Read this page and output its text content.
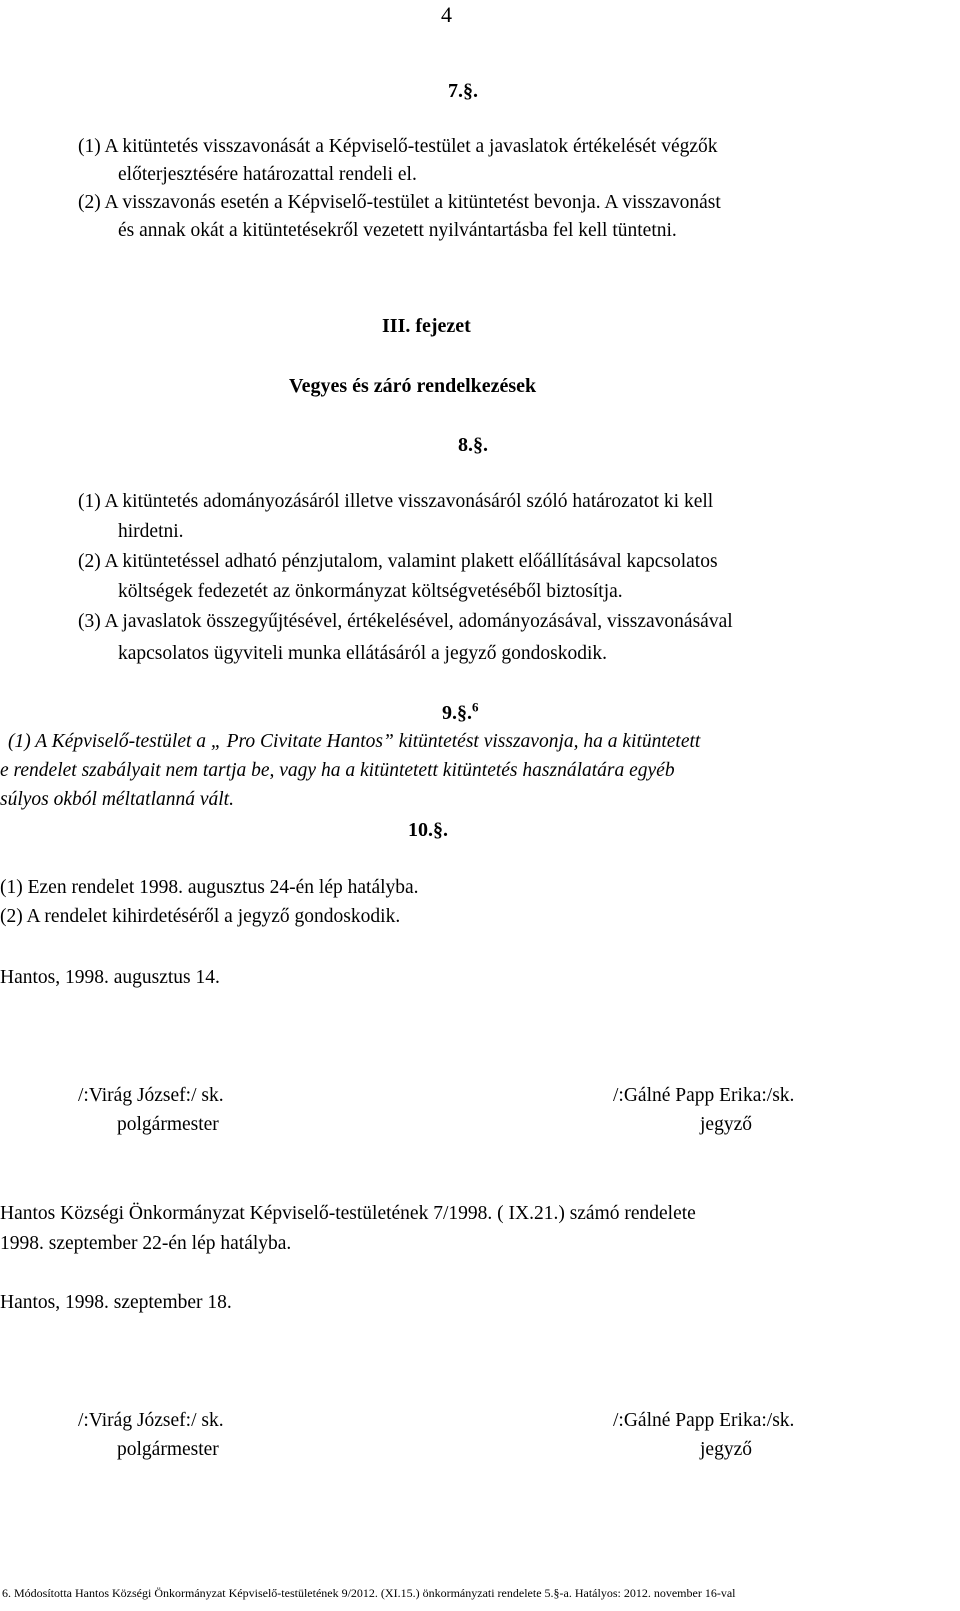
4
7.§.
(1) A kitüntetés visszavonását a Képviselő-testület a javaslatok értékelését végzők
előterjesztésére határozattal rendeli el.
(2) A visszavonás esetén a Képviselő-testület a kitüntetést bevonja. A visszavonást
és annak okát a kitüntetésekről vezetett nyilvántartásba fel kell tüntetni.
III. fejezet
Vegyes és záró rendelkezések
8.§.
(1) A kitüntetés adományozásáról illetve visszavonásáról szóló határozatot ki kell
hirdetni.
(2) A kitüntetéssel adható pénzjutalom, valamint plakett előállításával kapcsolatos
költségek fedezetét az önkormányzat költségvetéséből biztosítja.
(3) A javaslatok összegyűjtésével, értékelésével, adományozásával, visszavonásával
kapcsolatos ügyviteli munka ellátásáról a jegyző gondoskodik.
9.§.$^6$
(1) A Képviselő-testület a „ Pro Civitate Hantos” kitüntetést visszavonja, ha a kitüntetett
e rendelet szabályait nem tartja be, vagy ha a kitüntetett kitüntetés használatára egyéb
súlyos okból méltatlanná vált.
10.§.
(1) Ezen rendelet 1998. augusztus 24-én lép hatályba.
(2) A rendelet kihirdetéséről a jegyző gondoskodik.
Hantos, 1998. augusztus 14.
/:Virág József:/ sk.
polgármester
/:Gálné Papp Erika:/sk.
jegyző
Hantos Községi Önkormányzat Képviselő-testületének 7/1998. ( IX.21.) számó rendelete
1998. szeptember 22-én lép hatályba.
Hantos, 1998. szeptember 18.
/:Virág József:/ sk.
polgármester
/:Gálné Papp Erika:/sk.
jegyző
6. Módosította Hantos Községi Önkormányzat Képviselő-testületének 9/2012. (XI.15.) önkormányzati rendelete 5.§-a. Hatályos: 2012. november 16-val
